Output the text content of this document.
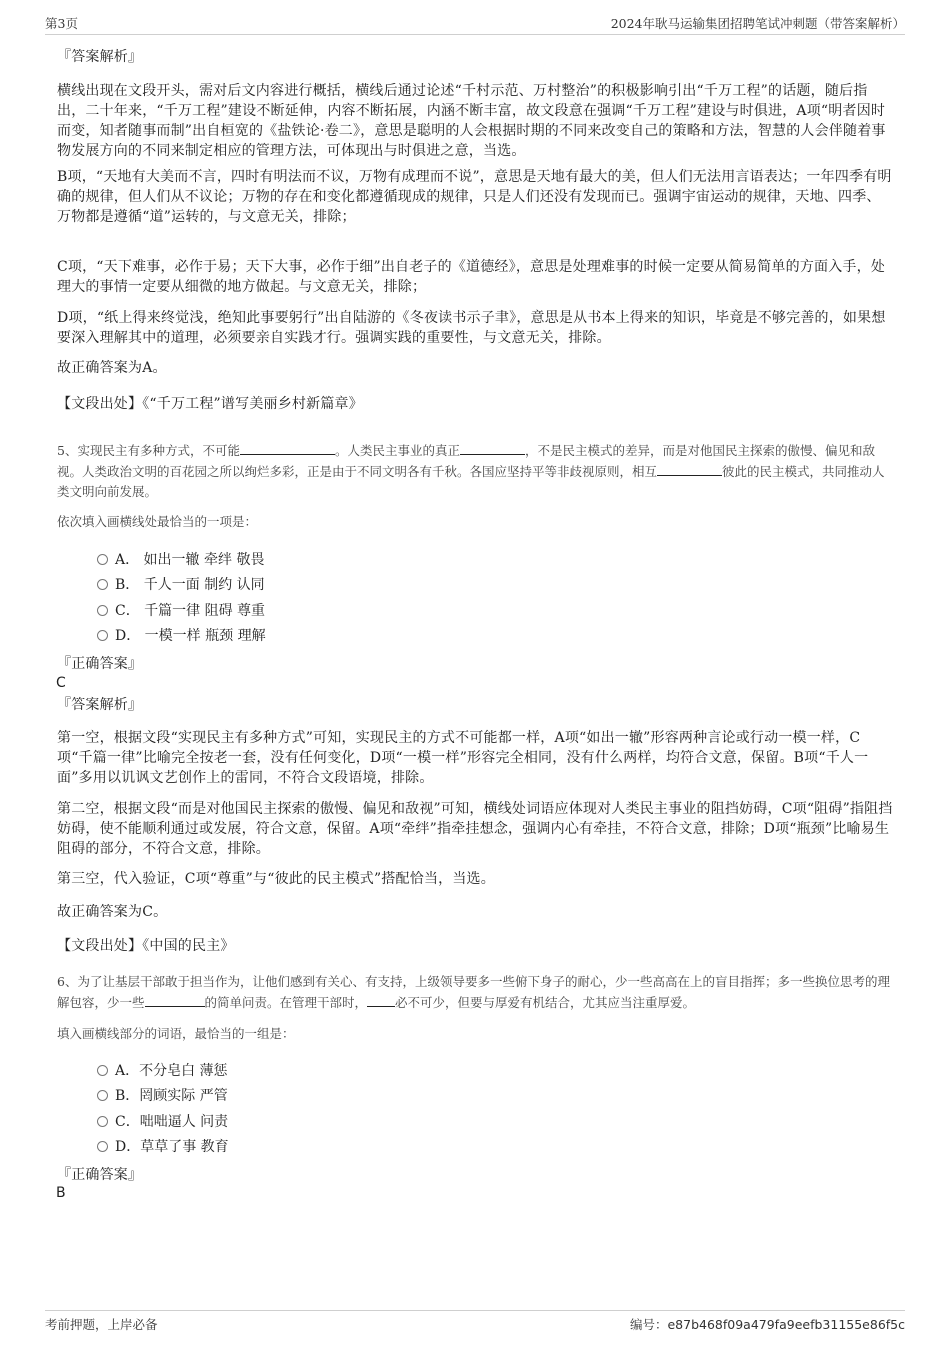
第3页	2024年耿马运输集团招聘笔试冲刺题（带答案解析）
『答案解析』
横线出现在文段开头，需对后文内容进行概括，横线后通过论述“千村示范、万村整治”的积极影响引出“千万工程”的话题，随后指出，二十年来，“千万工程”建设不断延伸，内容不断拓展，内涵不断丰富，故文段意在强调“千万工程”建设与时俱进，A项“明者因时而变，知者随事而制”出自桓宽的《盐铁论·卷二》，意思是聪明的人会根据时期的不同来改变自己的策略和方法，智慧的人会伴随着事物发展方向的不同来制定相应的管理方法，可体现出与时俱进之意，当选。
B项，“天地有大美而不言，四时有明法而不议，万物有成理而不说”，意思是天地有最大的美，但人们无法用言语表达；一年四季有明确的规律，但人们从不议论；万物的存在和变化都遵循现成的规律，只是人们还没有发现而已。强调宇宙运动的规律，天地、四季、万物都是遵循“道”运转的，与文意无关，排除；
C项，“天下难事，必作于易；天下大事，必作于细”出自老子的《道德经》，意思是处理难事的时候一定要从简易简单的方面入手，处理大的事情一定要从细微的地方做起。与文意无关，排除；
D项，“纸上得来终觉浅，绝知此事要躬行”出自陆游的《冬夜读书示子聿》，意思是从书本上得来的知识，毕竟是不够完善的，如果想要深入理解其中的道理，必须要亲自实践才行。强调实践的重要性，与文意无关，排除。
故正确答案为A。
【文段出处】《“千万工程”谱写美丽乡村新篇章》
5、实现民主有多种方式，不可能	。人类民主事业的真正	，不是民主模式的差异，而是对他国民主探索的傲慢、偏见和敌视。人类政治文明的百花园之所以绚烂多彩，正是由于不同文明各有千秋。各国应坚持平等非歧视原则，相互	彼此的民主模式，共同推动人类文明向前发展。
依次填入画横线处最恰当的一项是：
A． 如出一辙 牵绊 敬畏
B． 千人一面 制约 认同
C． 千篇一律 阻碍 尊重
D． 一模一样 瓶颈 理解
『正确答案』
C
『答案解析』
第一空，根据文段“实现民主有多种方式”可知，实现民主的方式不可能都一样，A项“如出一辙”形容两种言论或行动一模一样，C项“千篇一律”比喻完全按老一套，没有任何变化，D项“一模一样”形容完全相同，没有什么两样，均符合文意，保留。B项“千人一面”多用以讥讽文艺创作上的雷同，不符合文段语境，排除。
第二空，根据文段“而是对他国民主探索的傲慢、偏见和敌视”可知，横线处词语应体现对人类民主事业的阻挡妨碍，C项“阻碍”指阻挡妨碍，使不能顺利通过或发展，符合文意，保留。A项“牵绊”指牵挂想念，强调内心有牵挂，不符合文意，排除；D项“瓶颈”比喻易生阻碍的部分，不符合文意，排除。
第三空，代入验证，C项“尊重”与“彼此的民主模式”搭配恰当，当选。
故正确答案为C。
【文段出处】《中国的民主》
6、为了让基层干部敢于担当作为，让他们感到有关心、有支持，上级领导要多一些俯下身子的耐心，少一些高高在上的盲目指挥；多一些换位思考的理解包容，少一些	的简单问责。在管理干部时， 必不可少，但要与厚爱有机结合，尤其应当注重厚爱。
填入画横线部分的词语，最恰当的一组是：
A．不分皂白 薄惩
B．罔顾实际 严管
C．咄咄逼人 问责
D．草草了事 教育
『正确答案』
B
考前押题，上岸必备	编号：e87b468f09a479fa9eefb31155e86f5c
